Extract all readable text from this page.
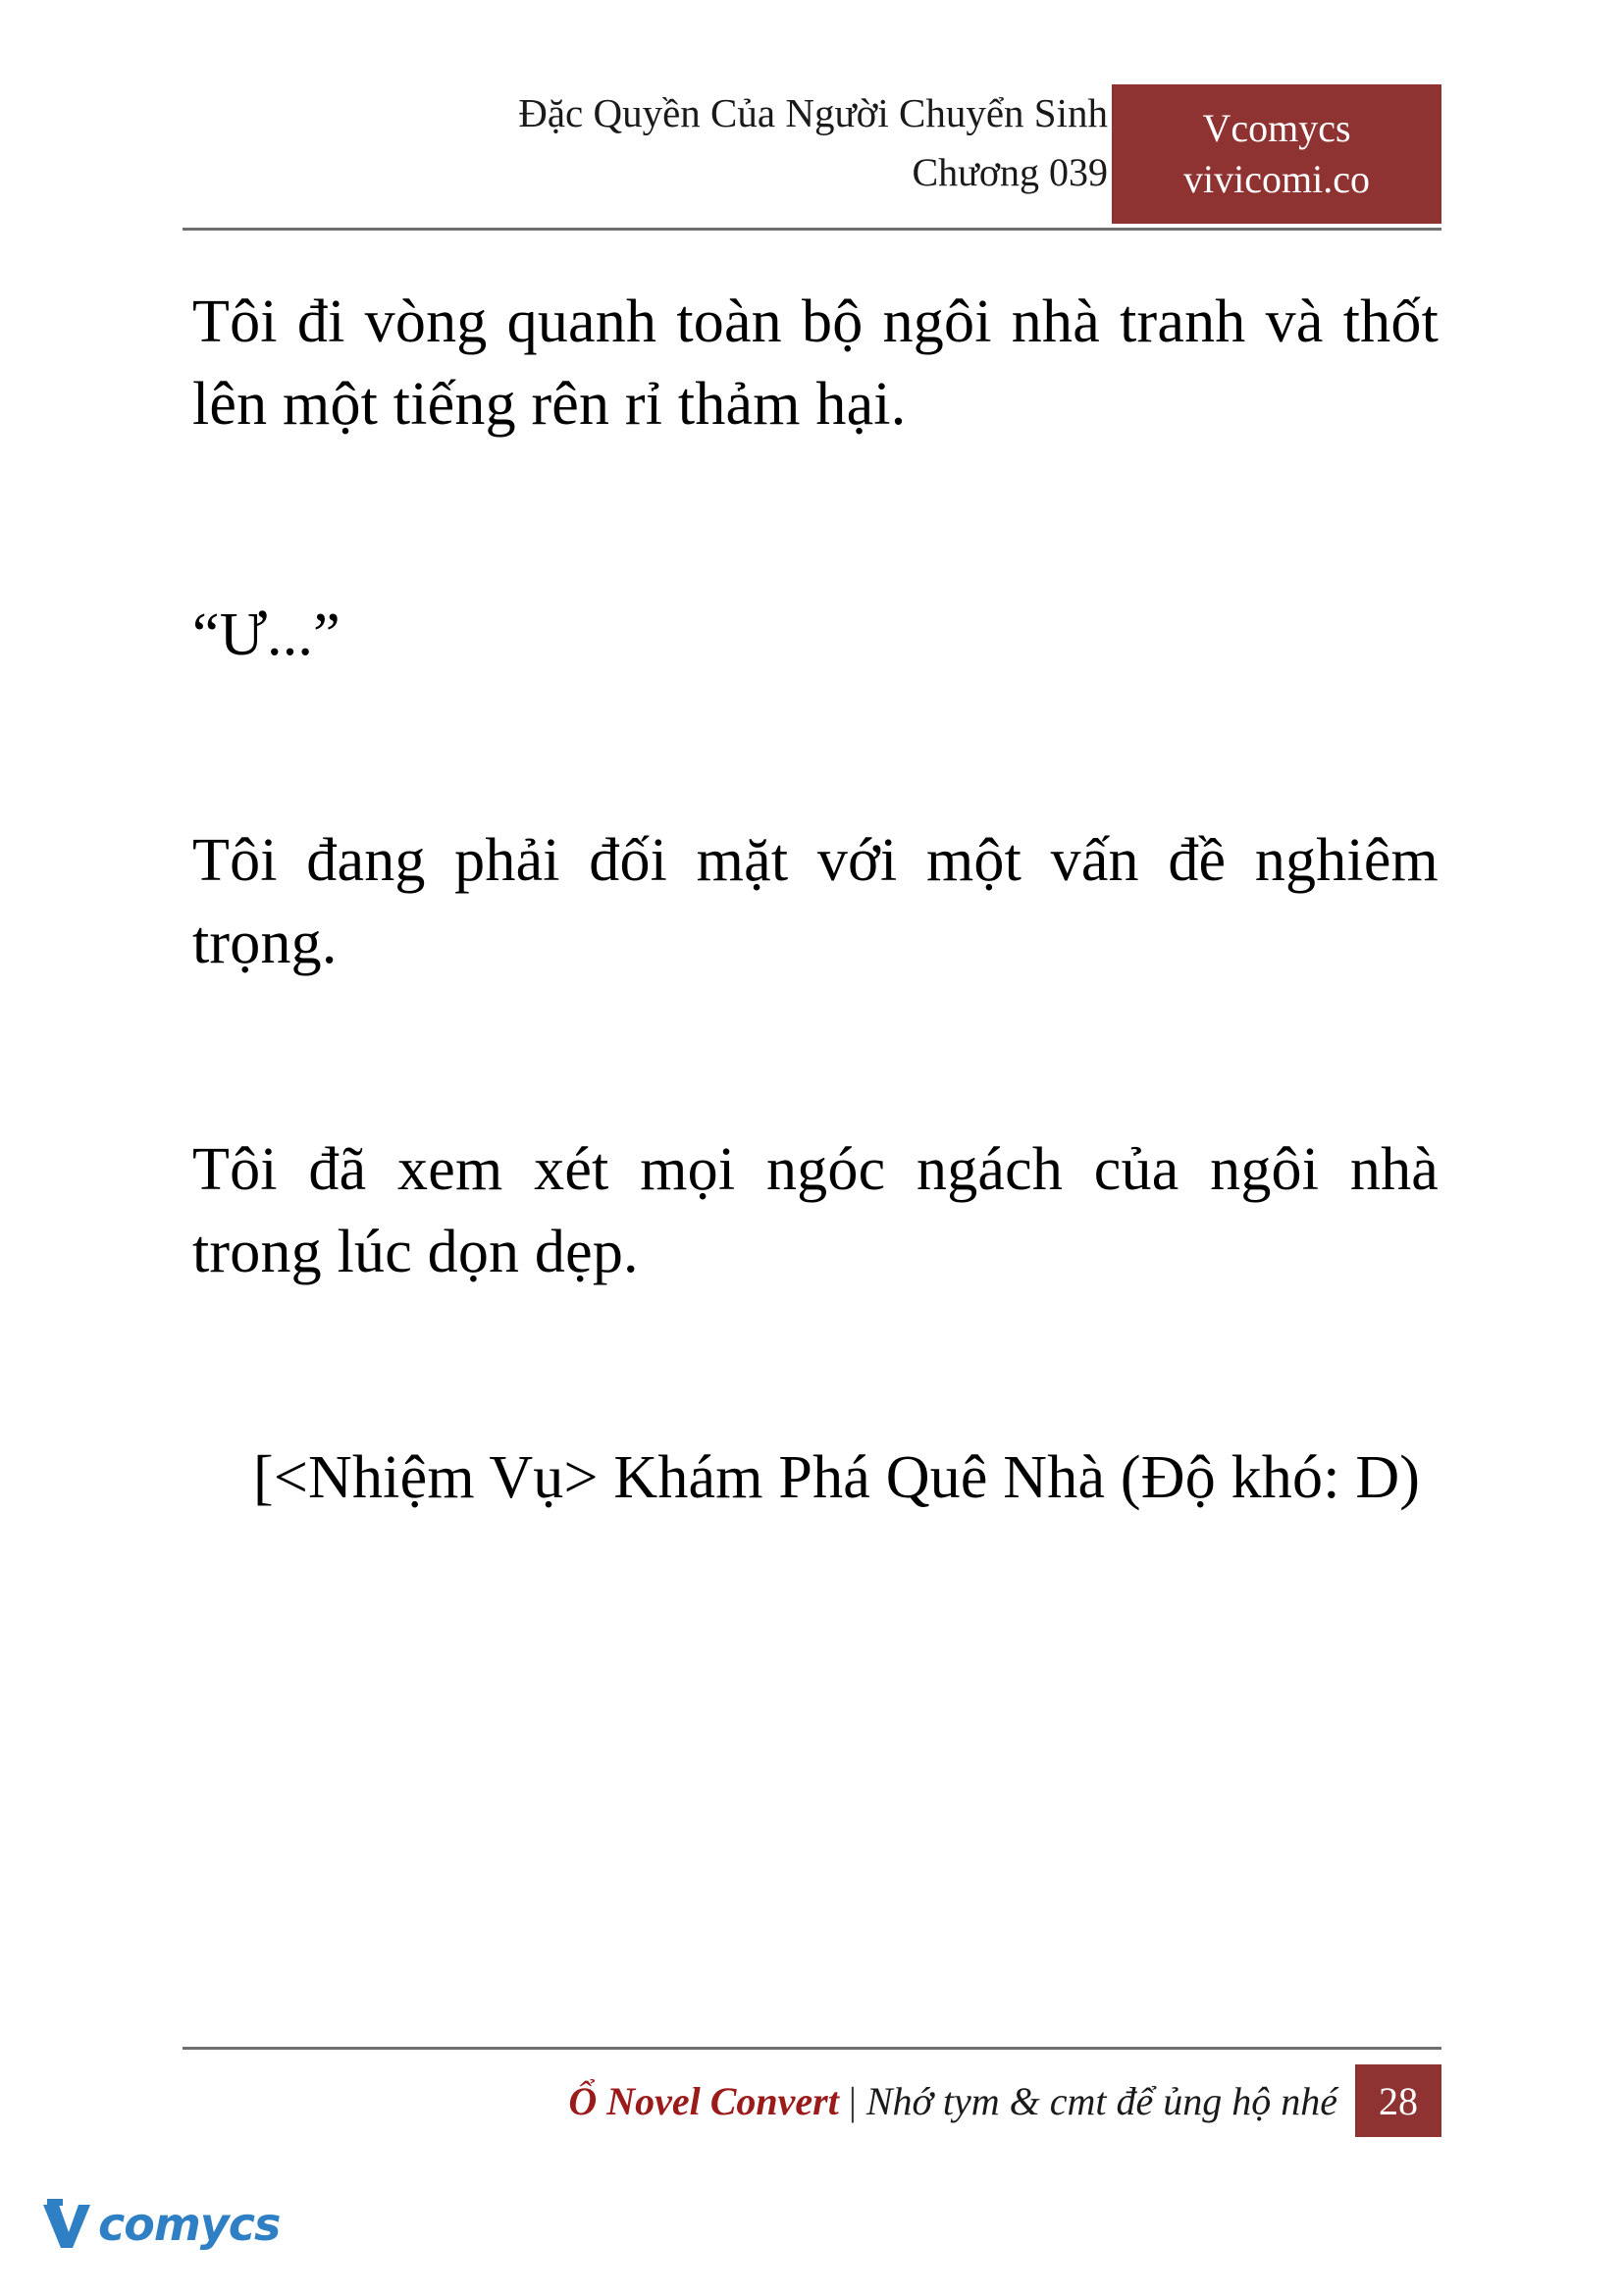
Đặc Quyền Của Người Chuyển Sinh
Chương 039
Vcomycs
vivicomi.co

Tôi đi vòng quanh toàn bộ ngôi nhà tranh và thốt lên một tiếng rên rỉ thảm hại.

“Ư...”

Tôi đang phải đối mặt với một vấn đề nghiêm trọng.

Tôi đã xem xét mọi ngóc ngách của ngôi nhà trong lúc dọn dẹp.

[<Nhiệm Vụ> Khám Phá Quê Nhà (Độ khó: D)

Ổ Novel Convert | Nhớ tym & cmt để ủng hộ nhé	28
comycs
